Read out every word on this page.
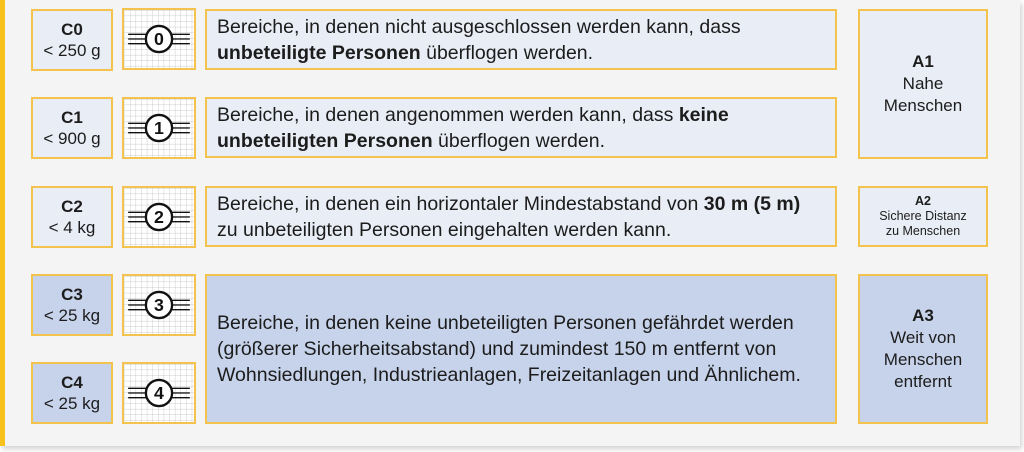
C0
< 250 g
C1
< 900 g
C2
< 4 kg
C3
< 25 kg
C4
< 25 kg
0
1
2
3
4
Bereiche, in denen nicht ausgeschlossen werden kann, dass unbeteiligte Personen überflogen werden.
Bereiche, in denen angenommen werden kann, dass keine unbeteiligten Personen überflogen werden.
Bereiche, in denen ein horizontaler Mindestabstand von 30 m (5 m) zu unbeteiligten Personen eingehalten werden kann.
Bereiche, in denen keine unbeteiligten Personen gefährdet werden (größerer Sicherheitsabstand) und zumindest 150 m entfernt von Wohnsiedlungen, Industrieanlagen, Freizeitanlagen und Ähnlichem.
A1
Nahe
Menschen
A2
Sichere Distanz
zu Menschen
A3
Weit von
Menschen
entfernt
